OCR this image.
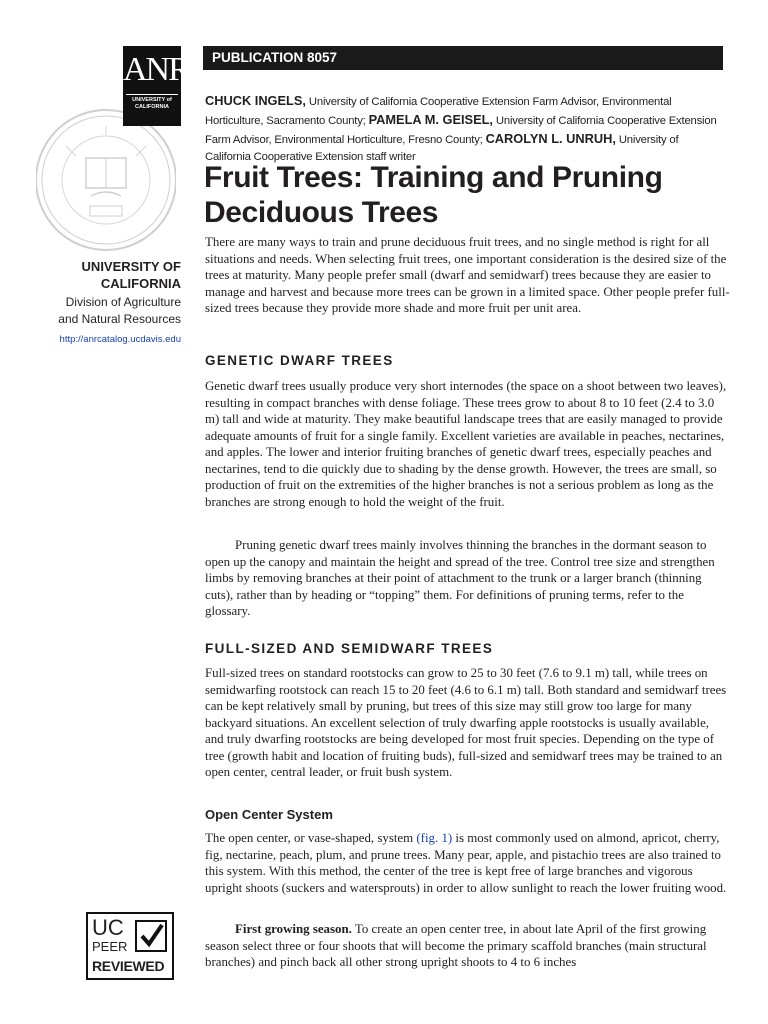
ANR
UNIVERSITY of CALIFORNIA
UNIVERSITY OF
CALIFORNIA
Division of Agriculture
and Natural Resources
http://anrcatalog.ucdavis.edu
UC
PEER
REVIEWED
PUBLICATION 8057
CHUCK INGELS, University of California Cooperative Extension Farm Advisor, Environmental Horticulture, Sacramento County; PAMELA M. GEISEL, University of California Cooperative Extension Farm Advisor, Environmental Horticulture, Fresno County; CAROLYN L. UNRUH, University of California Cooperative Extension staff writer
Fruit Trees: Training and Pruning
Deciduous Trees

There are many ways to train and prune deciduous fruit trees, and no single method is right for all situations and needs. When selecting fruit trees, one important consideration is the desired size of the trees at maturity. Many people prefer small (dwarf and semidwarf) trees because they are easier to manage and harvest and because more trees can be grown in a limited space. Other people prefer full-sized trees because they provide more shade and more fruit per unit area.

GENETIC DWARF TREES

Genetic dwarf trees usually produce very short internodes (the space on a shoot between two leaves), resulting in compact branches with dense foliage. These trees grow to about 8 to 10 feet (2.4 to 3.0 m) tall and wide at maturity. They make beautiful landscape trees that are easily managed to provide adequate amounts of fruit for a single family. Excellent varieties are available in peaches, nectarines, and apples. The lower and interior fruiting branches of genetic dwarf trees, especially peaches and nectarines, tend to die quickly due to shading by the dense growth. However, the trees are small, so production of fruit on the extremities of the higher branches is not a serious problem as long as the branches are strong enough to hold the weight of the fruit.

Pruning genetic dwarf trees mainly involves thinning the branches in the dormant season to open up the canopy and maintain the height and spread of the tree. Control tree size and strengthen limbs by removing branches at their point of attachment to the trunk or a larger branch (thinning cuts), rather than by heading or “topping” them. For definitions of pruning terms, refer to the glossary.

FULL-SIZED AND SEMIDWARF TREES

Full-sized trees on standard rootstocks can grow to 25 to 30 feet (7.6 to 9.1 m) tall, while trees on semidwarfing rootstock can reach 15 to 20 feet (4.6 to 6.1 m) tall. Both standard and semidwarf trees can be kept relatively small by pruning, but trees of this size may still grow too large for many backyard situations. An excellent selection of truly dwarfing apple rootstocks is usually available, and truly dwarfing rootstocks are being developed for most fruit species. Depending on the type of tree (growth habit and location of fruiting buds), full-sized and semidwarf trees may be trained to an open center, central leader, or fruit bush system.

Open Center System

The open center, or vase-shaped, system (fig. 1) is most commonly used on almond, apricot, cherry, fig, nectarine, peach, plum, and prune trees. Many pear, apple, and pistachio trees are also trained to this system. With this method, the center of the tree is kept free of large branches and vigorous upright shoots (suckers and watersprouts) in order to allow sunlight to reach the lower fruiting wood.

First growing season. To create an open center tree, in about late April of the first growing season select three or four shoots that will become the primary scaffold branches (main structural branches) and pinch back all other strong upright shoots to 4 to 6 inches
